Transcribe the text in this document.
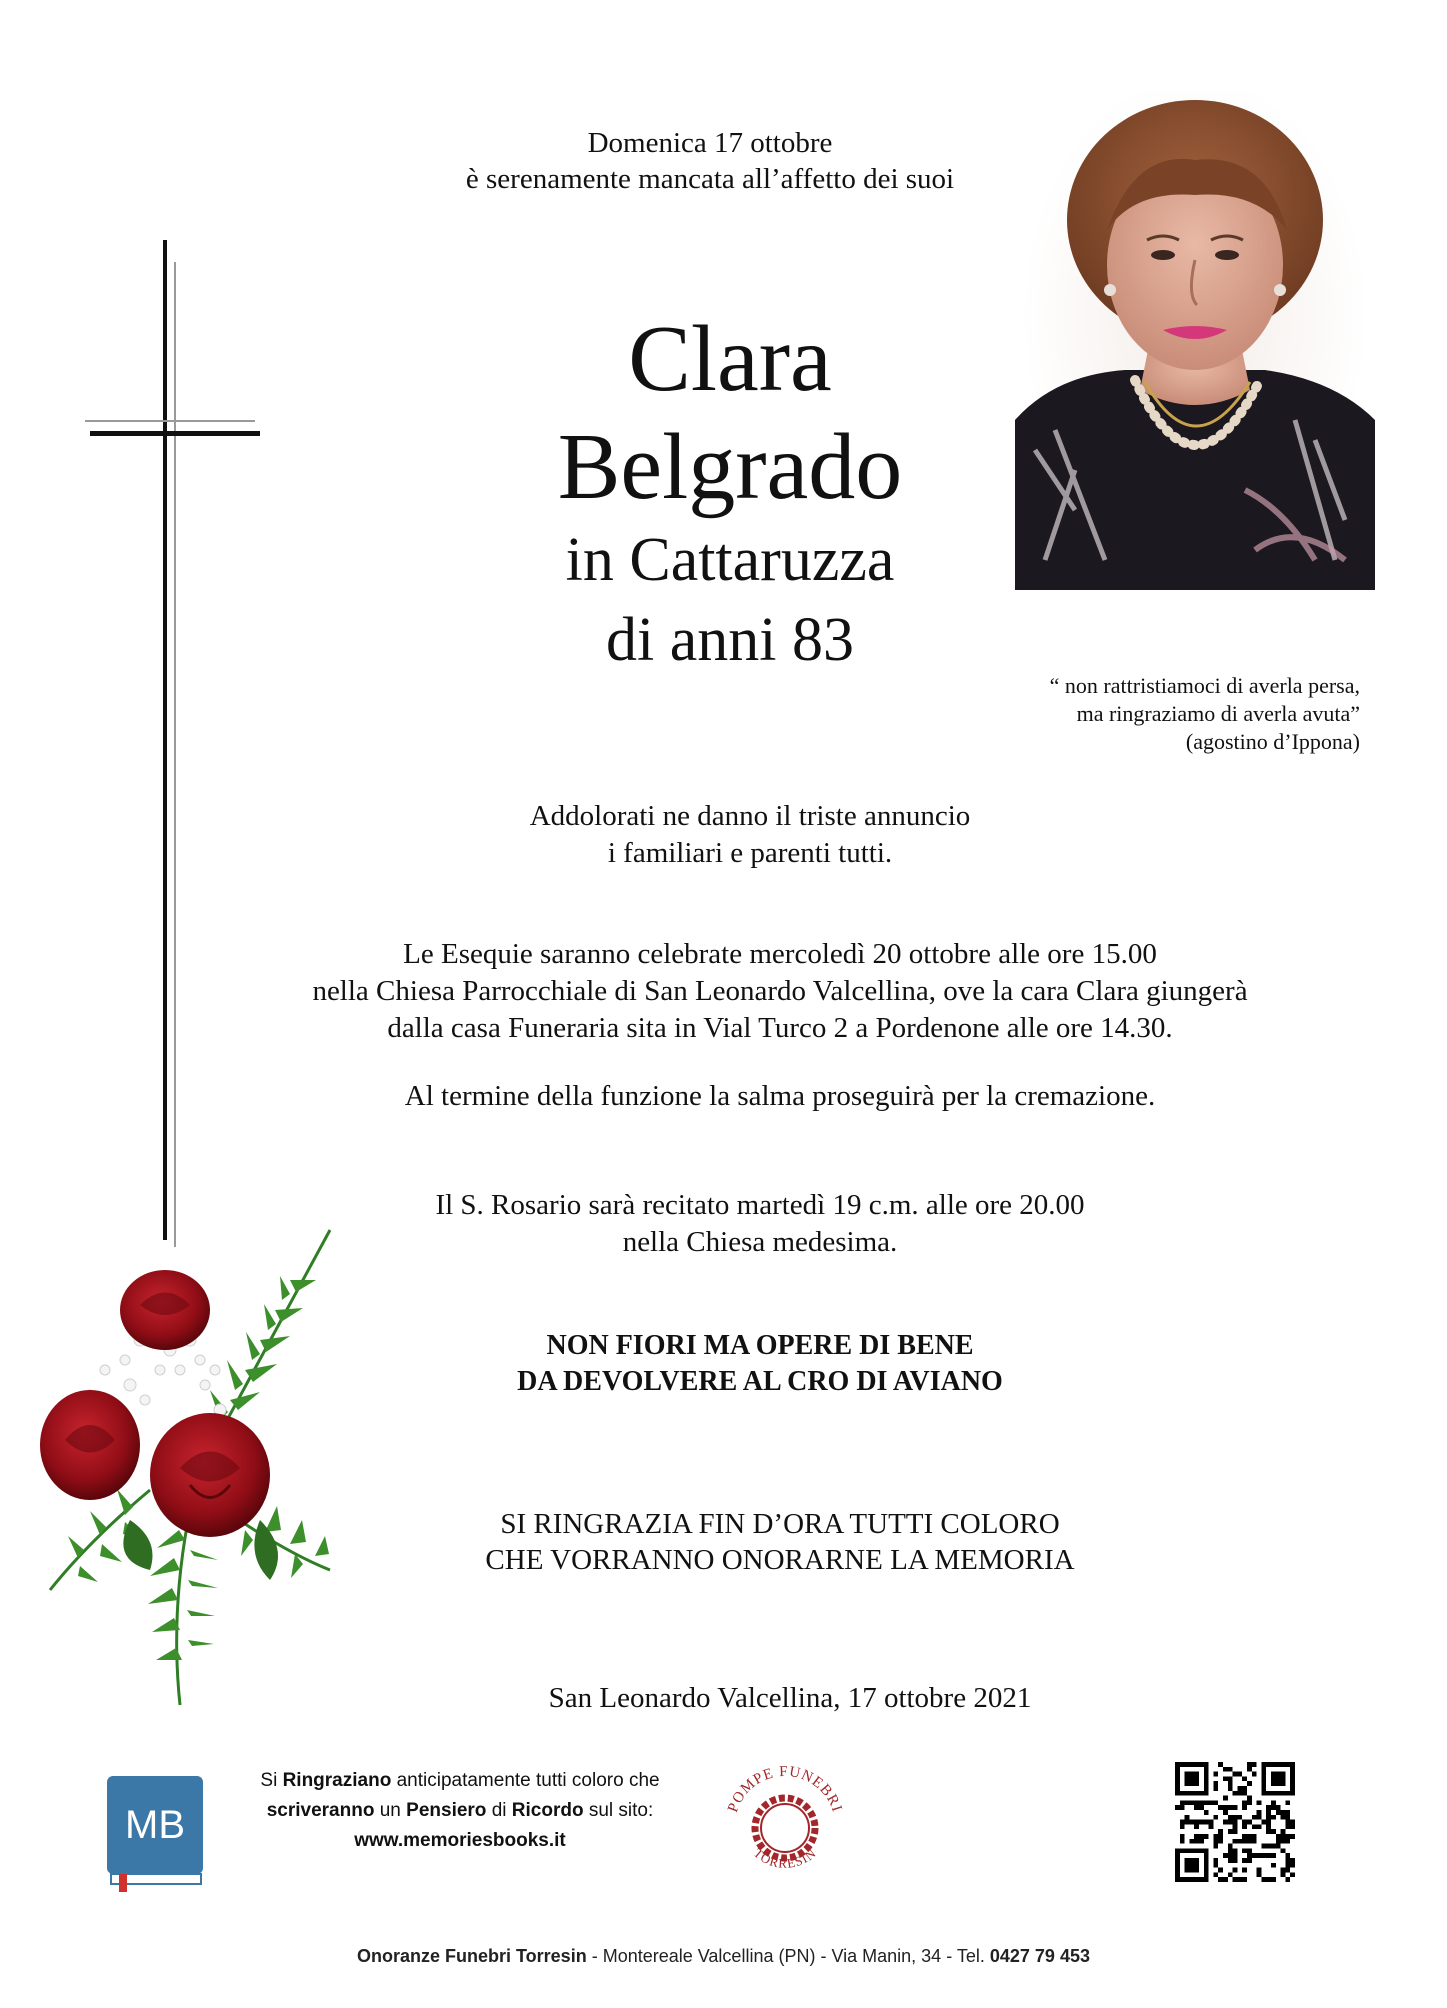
Domenica 17 ottobre
è serenamente mancata all’affetto dei suoi
Clara
Belgrado
in Cattaruzza
di anni 83
“ non rattristiamoci di averla persa,
ma ringraziamo di averla avuta”
(agostino d’Ippona)
Addolorati ne danno il triste annuncio
i familiari e parenti tutti.
Le Esequie saranno celebrate mercoledì 20 ottobre alle ore 15.00
nella Chiesa Parrocchiale di San Leonardo Valcellina, ove la cara Clara giungerà
dalla casa Funeraria sita in Vial Turco 2 a Pordenone alle ore 14.30.
Al termine della funzione la salma proseguirà per la cremazione.
Il S. Rosario sarà recitato martedì 19 c.m. alle ore 20.00
nella Chiesa medesima.
NON FIORI MA OPERE DI BENE
DA DEVOLVERE AL CRO DI AVIANO
SI RINGRAZIA FIN D’ORA TUTTI COLORO
CHE VORRANNO ONORARNE LA MEMORIA
San Leonardo Valcellina, 17 ottobre 2021
MB
Si Ringraziano anticipatamente tutti coloro che
scriveranno un Pensiero di Ricordo sul sito:
www.memoriesbooks.it
POMPE FUNEBRI
TORRESIN
Onoranze Funebri Torresin - Montereale Valcellina (PN) - Via Manin, 34 - Tel. 0427 79 453
